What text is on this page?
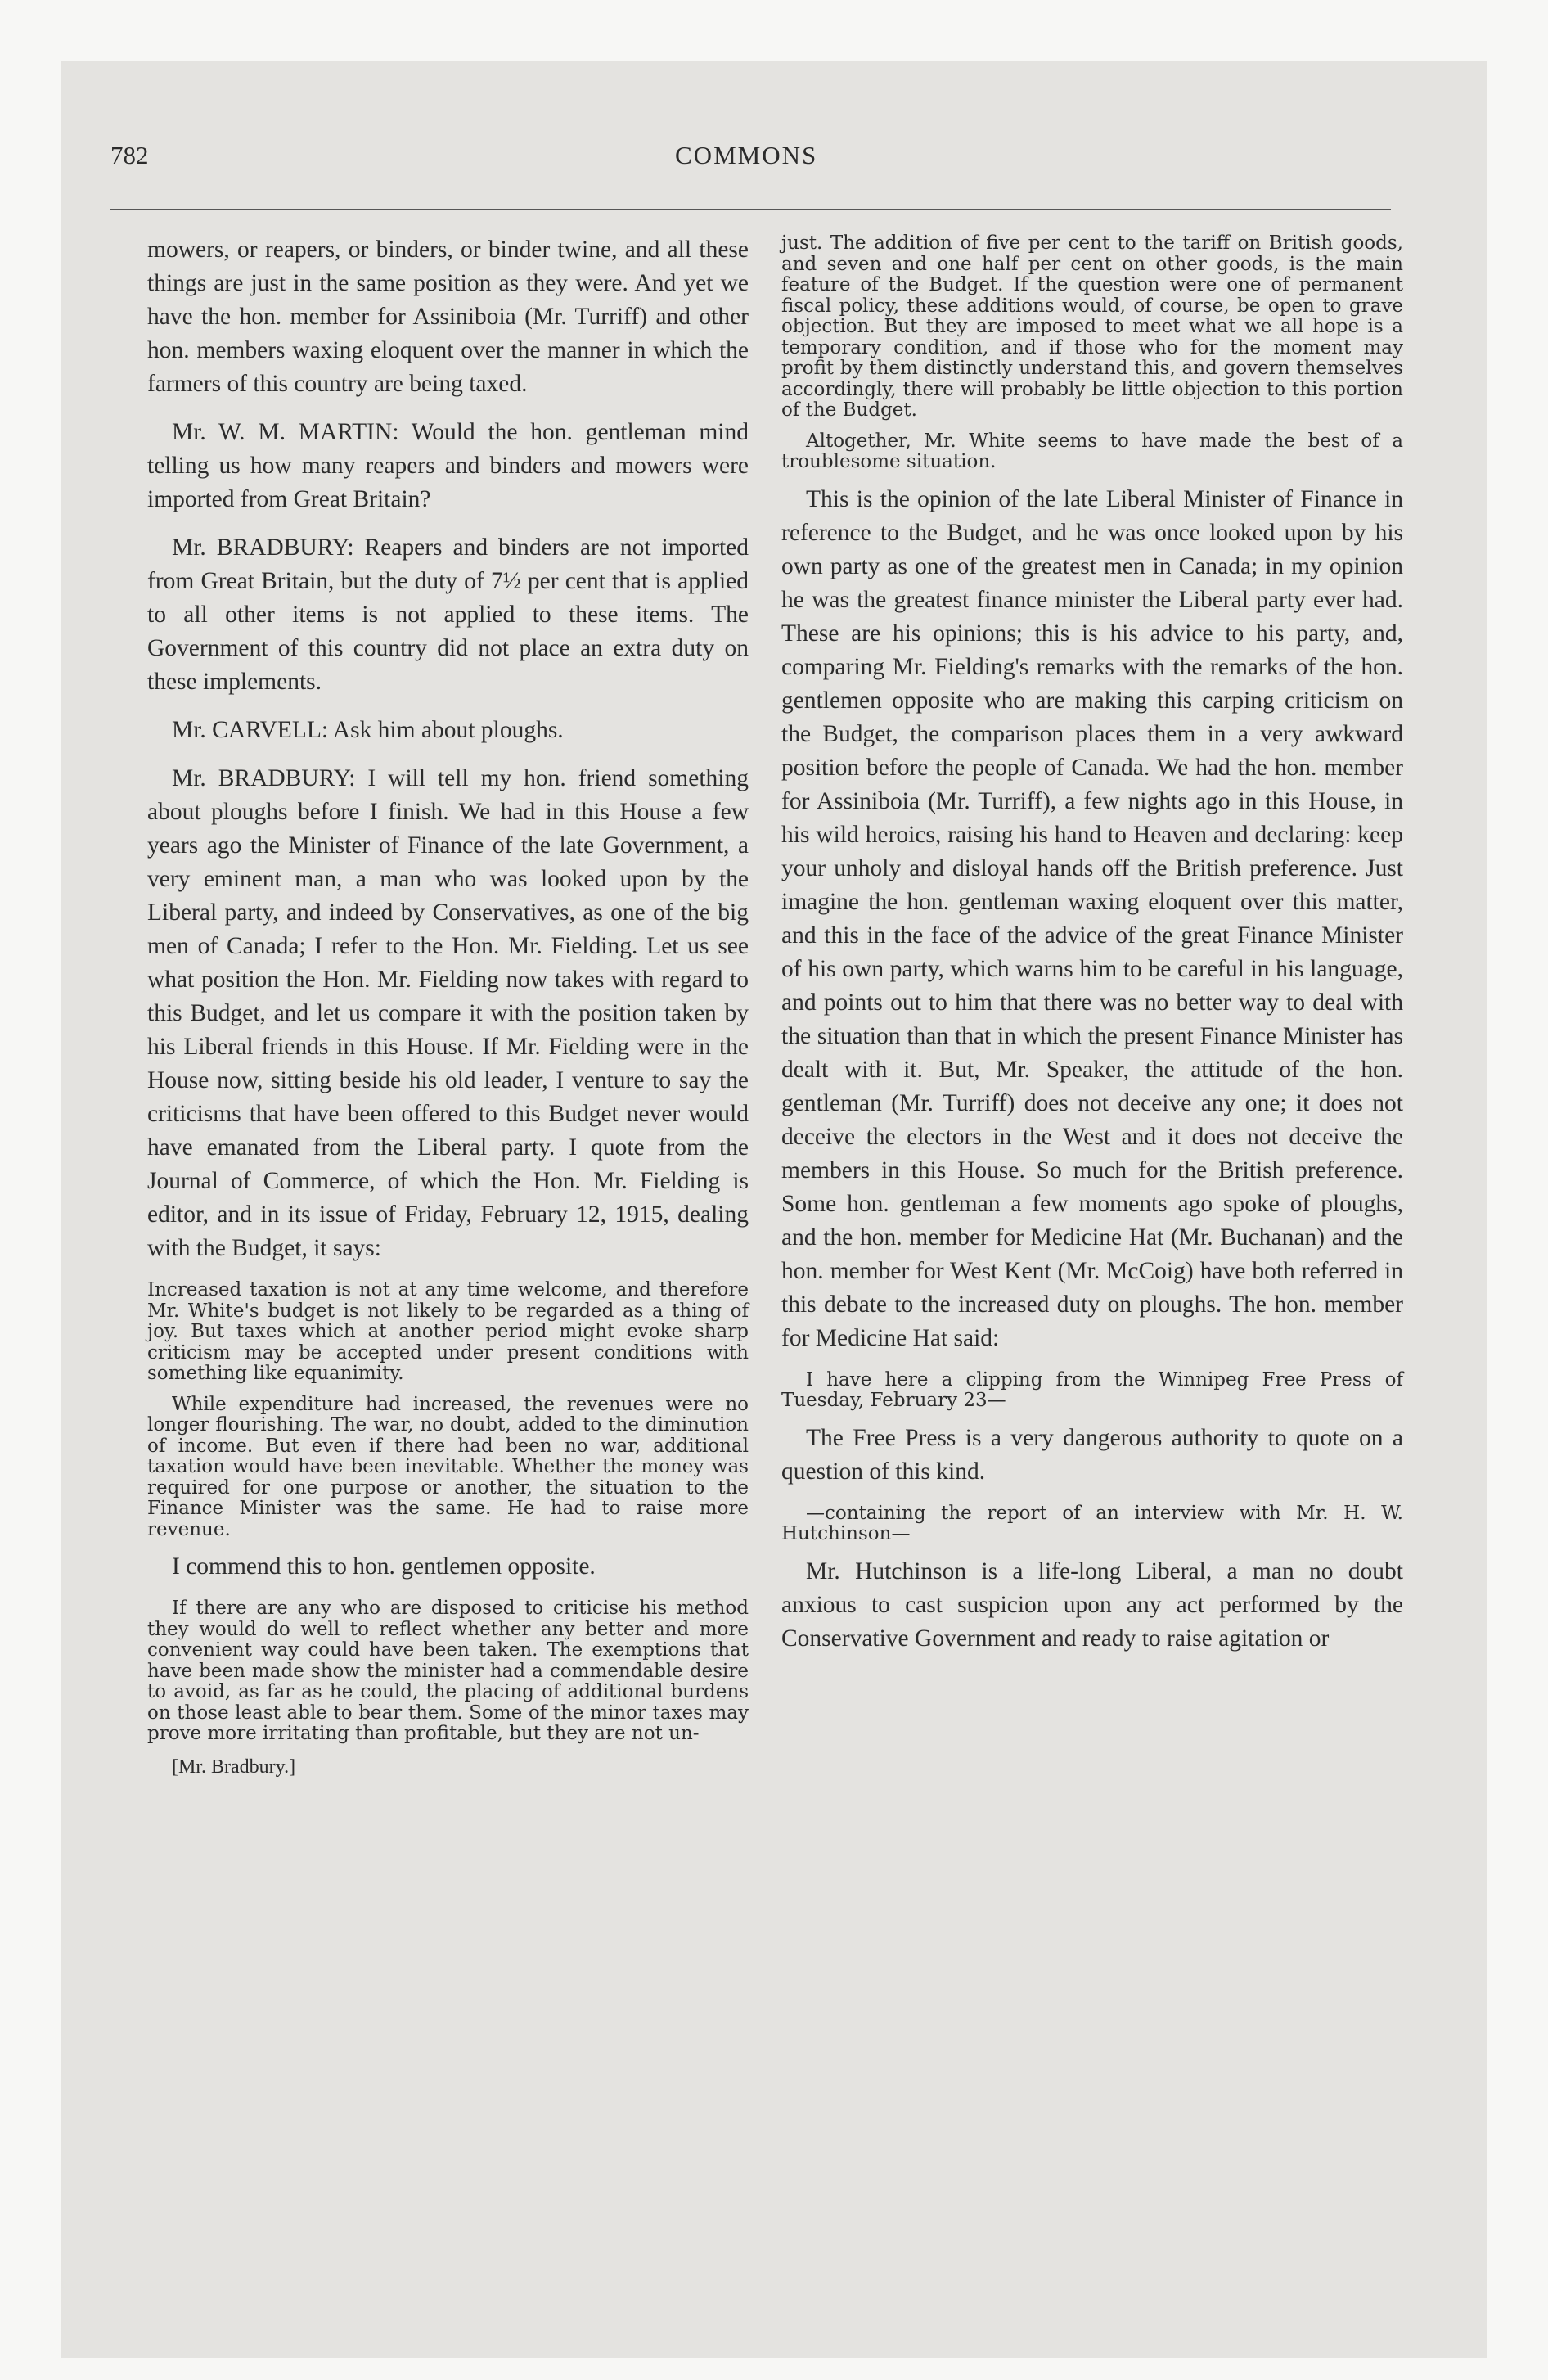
782	COMMONS

mowers, or reapers, or binders, or binder twine, and all these things are just in the same position as they were. And yet we have the hon. member for Assiniboia (Mr. Turriff) and other hon. members waxing eloquent over the manner in which the farmers of this country are being taxed.

Mr. W. M. MARTIN: Would the hon. gentleman mind telling us how many reapers and binders and mowers were imported from Great Britain?

Mr. BRADBURY: Reapers and binders are not imported from Great Britain, but the duty of 7½ per cent that is applied to all other items is not applied to these items. The Government of this country did not place an extra duty on these implements.

Mr. CARVELL: Ask him about ploughs.

Mr. BRADBURY: I will tell my hon. friend something about ploughs before I finish. We had in this House a few years ago the Minister of Finance of the late Government, a very eminent man, a man who was looked upon by the Liberal party, and indeed by Conservatives, as one of the big men of Canada; I refer to the Hon. Mr. Fielding. Let us see what position the Hon. Mr. Fielding now takes with regard to this Budget, and let us compare it with the position taken by his Liberal friends in this House. If Mr. Fielding were in the House now, sitting beside his old leader, I venture to say the criticisms that have been offered to this Budget never would have emanated from the Liberal party. I quote from the Journal of Commerce, of which the Hon. Mr. Fielding is editor, and in its issue of Friday, February 12, 1915, dealing with the Budget, it says:

Increased taxation is not at any time welcome, and therefore Mr. White's budget is not likely to be regarded as a thing of joy. But taxes which at another period might evoke sharp criticism may be accepted under present conditions with something like equanimity.

While expenditure had increased, the revenues were no longer flourishing. The war, no doubt, added to the diminution of income. But even if there had been no war, additional taxation would have been inevitable. Whether the money was required for one purpose or another, the situation to the Finance Minister was the same. He had to raise more revenue.

I commend this to hon. gentlemen opposite.

If there are any who are disposed to criticise his method they would do well to reflect whether any better and more convenient way could have been taken. The exemptions that have been made show the minister had a commendable desire to avoid, as far as he could, the placing of additional burdens on those least able to bear them. Some of the minor taxes may prove more irritating than profitable, but they are not un-

[Mr. Bradbury.]

just. The addition of five per cent to the tariff on British goods, and seven and one half per cent on other goods, is the main feature of the Budget. If the question were one of permanent fiscal policy, these additions would, of course, be open to grave objection. But they are imposed to meet what we all hope is a temporary condition, and if those who for the moment may profit by them distinctly understand this, and govern themselves accordingly, there will probably be little objection to this portion of the Budget.

Altogether, Mr. White seems to have made the best of a troublesome situation.

This is the opinion of the late Liberal Minister of Finance in reference to the Budget, and he was once looked upon by his own party as one of the greatest men in Canada; in my opinion he was the greatest finance minister the Liberal party ever had. These are his opinions; this is his advice to his party, and, comparing Mr. Fielding's remarks with the remarks of the hon. gentlemen opposite who are making this carping criticism on the Budget, the comparison places them in a very awkward position before the people of Canada. We had the hon. member for Assiniboia (Mr. Turriff), a few nights ago in this House, in his wild heroics, raising his hand to Heaven and declaring: keep your unholy and disloyal hands off the British preference. Just imagine the hon. gentleman waxing eloquent over this matter, and this in the face of the advice of the great Finance Minister of his own party, which warns him to be careful in his language, and points out to him that there was no better way to deal with the situation than that in which the present Finance Minister has dealt with it. But, Mr. Speaker, the attitude of the hon. gentleman (Mr. Turriff) does not deceive any one; it does not deceive the electors in the West and it does not deceive the members in this House. So much for the British preference. Some hon. gentleman a few moments ago spoke of ploughs, and the hon. member for Medicine Hat (Mr. Buchanan) and the hon. member for West Kent (Mr. McCoig) have both referred in this debate to the increased duty on ploughs. The hon. member for Medicine Hat said:

I have here a clipping from the Winnipeg Free Press of Tuesday, February 23—

The Free Press is a very dangerous authority to quote on a question of this kind.

—containing the report of an interview with Mr. H. W. Hutchinson—

Mr. Hutchinson is a life-long Liberal, a man no doubt anxious to cast suspicion upon any act performed by the Conservative Government and ready to raise agitation or
